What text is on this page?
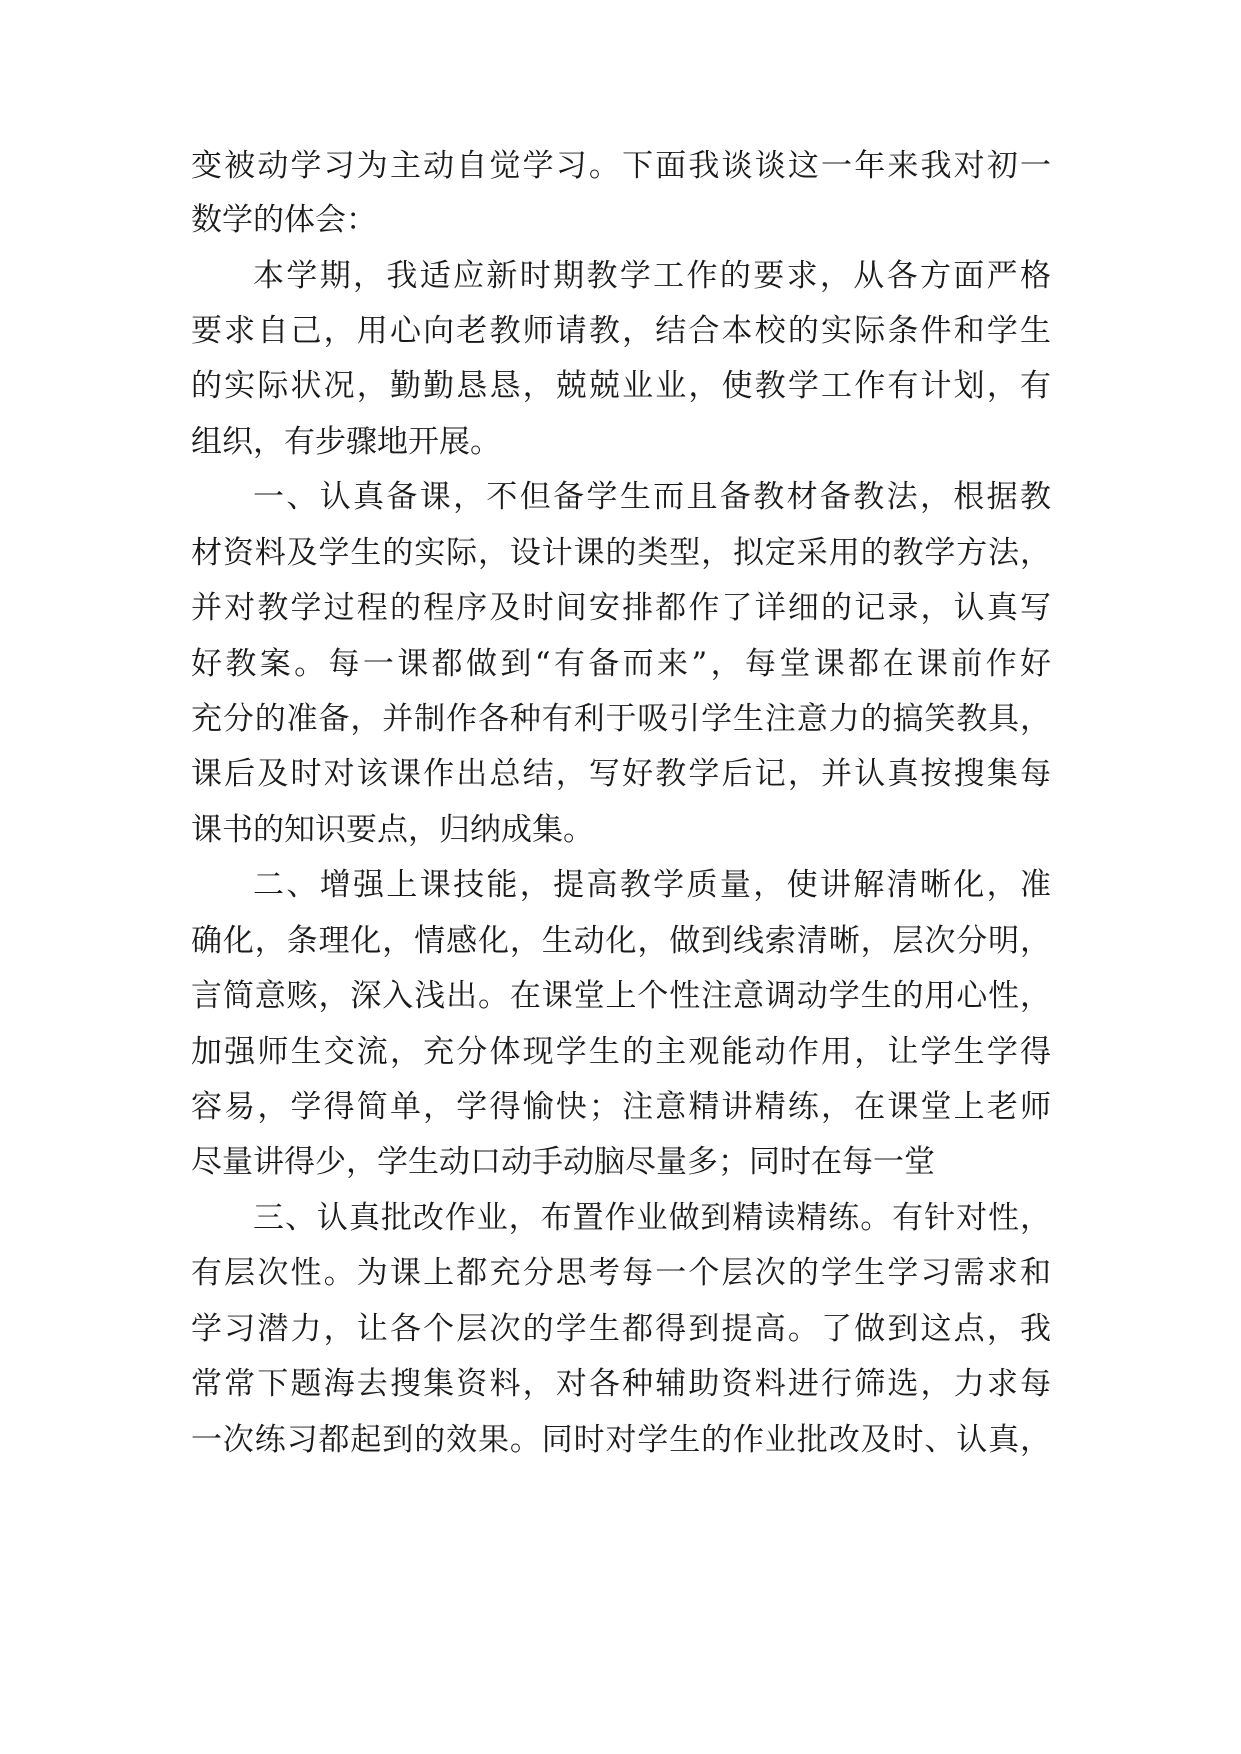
变被动学习为主动自觉学习。下面我谈谈这一年来我对初一
数学的体会：
本学期，我适应新时期教学工作的要求，从各方面严格
要求自己，用心向老教师请教，结合本校的实际条件和学生
的实际状况，勤勤恳恳，兢兢业业，使教学工作有计划，有
组织，有步骤地开展。
一、认真备课，不但备学生而且备教材备教法，根据教
材资料及学生的实际，设计课的类型，拟定采用的教学方法，
并对教学过程的程序及时间安排都作了详细的记录，认真写
好教案。每一课都做到“有备而来”，每堂课都在课前作好
充分的准备，并制作各种有利于吸引学生注意力的搞笑教具，
课后及时对该课作出总结，写好教学后记，并认真按搜集每
课书的知识要点，归纳成集。
二、增强上课技能，提高教学质量，使讲解清晰化，准
确化，条理化，情感化，生动化，做到线索清晰，层次分明，
言简意赅，深入浅出。在课堂上个性注意调动学生的用心性，
加强师生交流，充分体现学生的主观能动作用，让学生学得
容易，学得简单，学得愉快；注意精讲精练，在课堂上老师
尽量讲得少，学生动口动手动脑尽量多；同时在每一堂
三、认真批改作业，布置作业做到精读精练。有针对性，
有层次性。为课上都充分思考每一个层次的学生学习需求和
学习潜力，让各个层次的学生都得到提高。了做到这点，我
常常下题海去搜集资料，对各种辅助资料进行筛选，力求每
一次练习都起到的效果。同时对学生的作业批改及时、认真，
